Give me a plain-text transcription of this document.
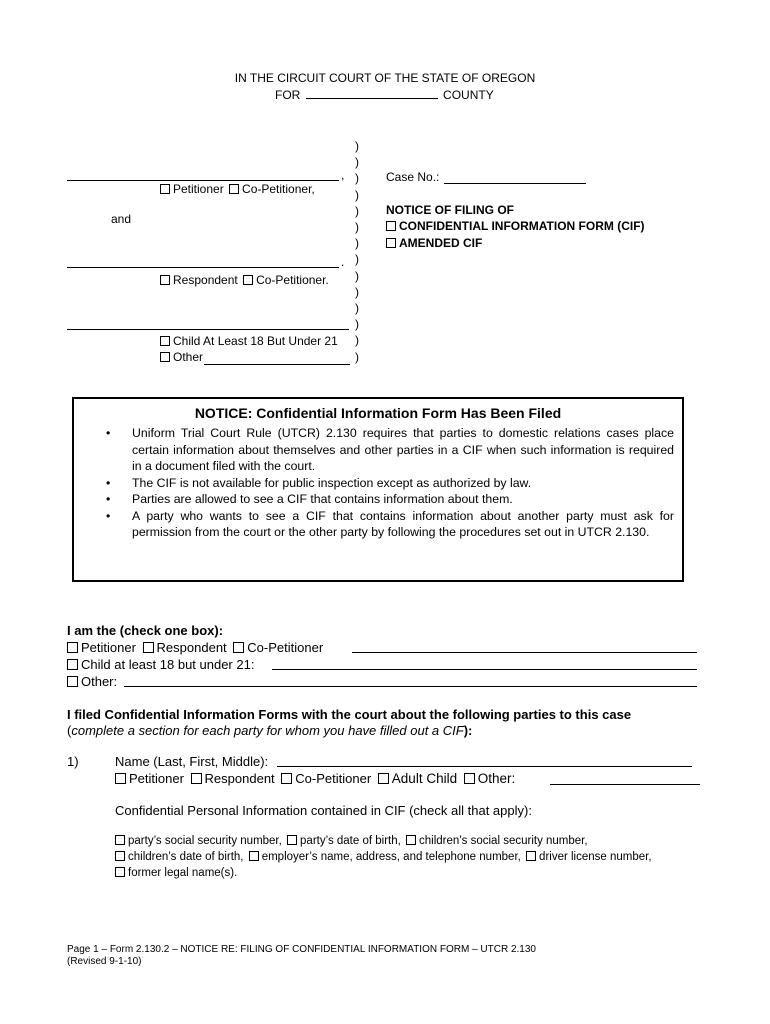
IN THE CIRCUIT COURT OF THE STATE OF OREGON
FOR	COUNTY
)
)
)
)
)
)
)
)
)
)
)
)
)
)
,
Petitioner Co-Petitioner,
and
.
Respondent Co-Petitioner.
Child At Least 18 But Under 21
Other
Case No.:
NOTICE OF FILING OF
CONFIDENTIAL INFORMATION FORM (CIF)
AMENDED CIF
NOTICE: Confidential Information Form Has Been Filed
• Uniform Trial Court Rule (UTCR) 2.130 requires that parties to domestic relations cases place certain information about themselves and other parties in a CIF when such information is required in a document filed with the court.
• The CIF is not available for public inspection except as authorized by law.
• Parties are allowed to see a CIF that contains information about them.
• A party who wants to see a CIF that contains information about another party must ask for permission from the court or the other party by following the procedures set out in UTCR 2.130.
I am the (check one box):
Petitioner Respondent Co-Petitioner
Child at least 18 but under 21:
Other:
I filed Confidential Information Forms with the court about the following parties to this case
(complete a section for each party for whom you have filled out a CIF):
1)	Name (Last, First, Middle):
Petitioner Respondent Co-Petitioner Adult Child Other:
Confidential Personal Information contained in CIF (check all that apply):
party’s social security number, party’s date of birth, children’s social security number,
children’s date of birth, employer’s name, address, and telephone number, driver license number,
former legal name(s).
Page 1 – Form 2.130.2 – NOTICE RE: FILING OF CONFIDENTIAL INFORMATION FORM – UTCR 2.130
(Revised 9-1-10)
